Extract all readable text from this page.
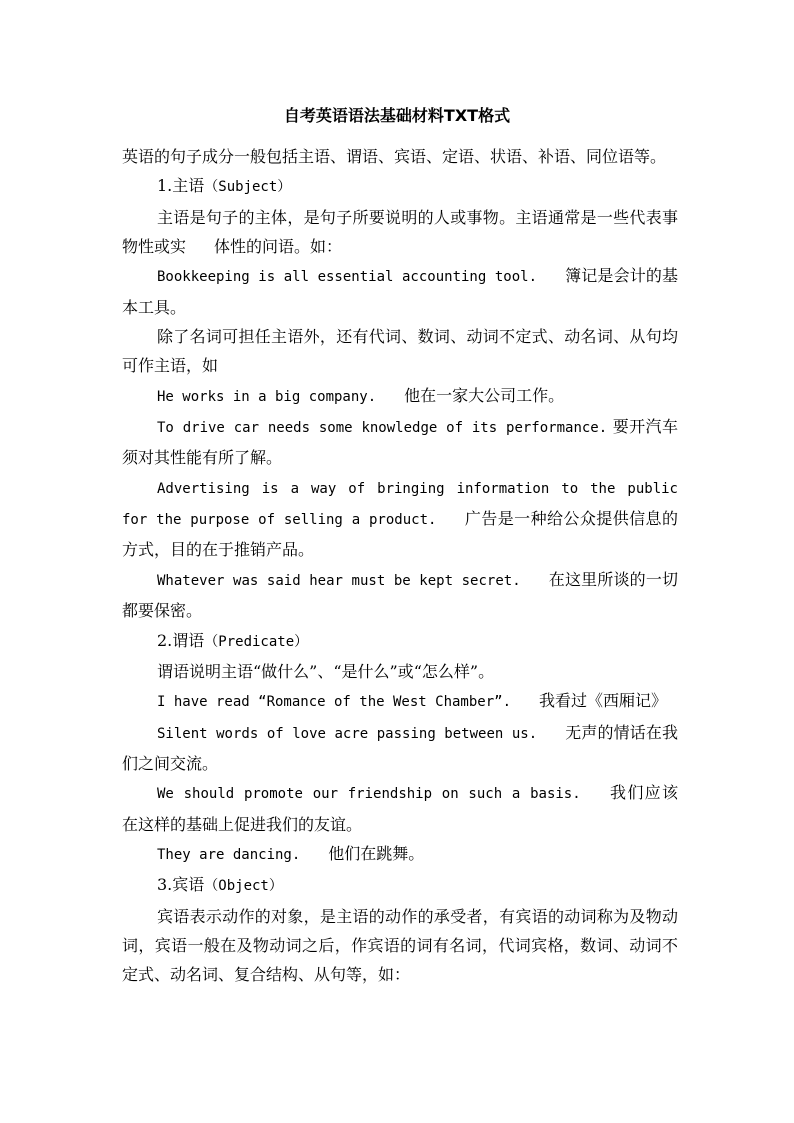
自考英语语法基础材料TXT格式

英语的句子成分一般包括主语、谓语、宾语、定语、状语、补语、同位语等。

1.主语（Subject）

主语是句子的主体，是句子所要说明的人或事物。主语通常是一些代表事物性或实 体性的问语。如：

Bookkeeping is all essential accounting tool. 簿记是会计的基本工具。

除了名词可担任主语外，还有代词、数词、动词不定式、动名词、从句均可作主语，如

He works in a big company. 他在一家大公司工作。

To drive car needs some knowledge of its performance. 要开汽车须对其性能有所了解。

Advertising is a way of bringing information to the public for the purpose of selling a product. 广告是一种给公众提供信息的方式，目的在于推销产品。

Whatever was said hear must be kept secret. 在这里所谈的一切都要保密。

2.谓语（Predicate）

谓语说明主语“做什么”、“是什么”或“怎么样”。

I have read “Romance of the West Chamber”. 我看过《西厢记》

Silent words of love acre passing between us. 无声的情话在我们之间交流。

We should promote our friendship on such a basis. 我们应该在这样的基础上促进我们的友谊。

They are dancing. 他们在跳舞。

3.宾语（Object）

宾语表示动作的对象，是主语的动作的承受者，有宾语的动词称为及物动词，宾语一般在及物动词之后，作宾语的词有名词，代词宾格，数词、动词不定式、动名词、复合结构、从句等，如：
